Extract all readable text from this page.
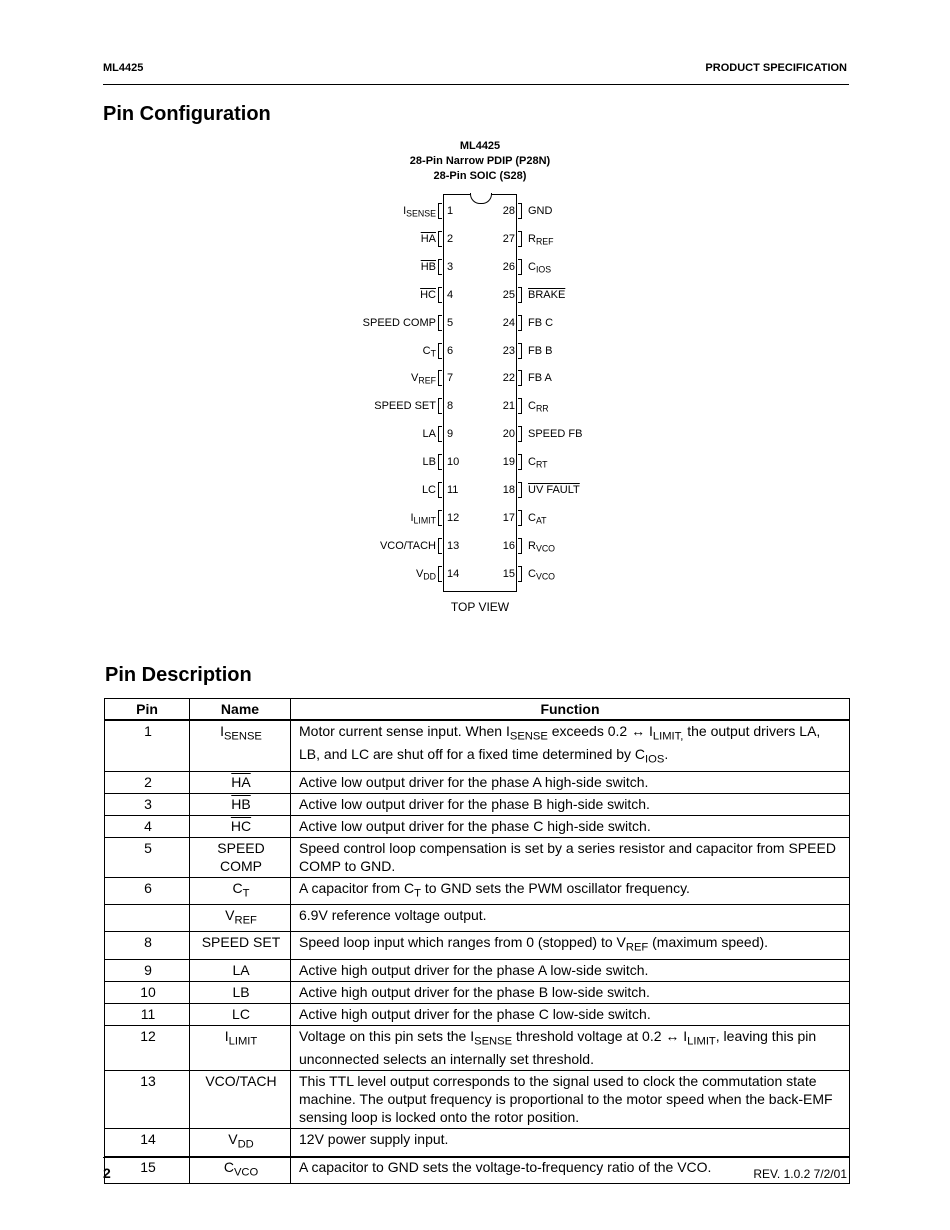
ML4425	PRODUCT SPECIFICATION
Pin Configuration
ML4425
28-Pin Narrow PDIP (P28N)
28-Pin SOIC (S28)
$I_{SENSE}$ 1
$\overline{HA}$ 2
$\overline{HB}$ 3
$\overline{HC}$ 4
SPEED COMP 5
$C_T$ 6
$V_{REF}$ 7
SPEED SET 8
LA 9
LB 10
LC 11
$I_{LIMIT}$ 12
VCO/TACH 13
$V_{DD}$ 14
28 GND
27 $R_{REF}$
26 $C_{IOS}$
25 BRAKE
24 FB C
23 FB B
22 FB A
21 $C_{RR}$
20 SPEED FB
19 $C_{RT}$
18 UV FAULT
17 $C_{AT}$
16 $R_{VCO}$
15 $C_{VCO}$
TOP VIEW
Pin Description
Pin	Name	Function
1	$I_{SENSE}$	Motor current sense input. When $I_{SENSE}$ exceeds 0.2 ↔ $I_{LIMIT,}$ the output drivers LA, LB, and LC are shut off for a fixed time determined by $C_{IOS}$.
2	$\overline{HA}$	Active low output driver for the phase A high-side switch.
3	$\overline{HB}$	Active low output driver for the phase B high-side switch.
4	$\overline{HC}$	Active low output driver for the phase C high-side switch.
5	SPEED COMP	Speed control loop compensation is set by a series resistor and capacitor from SPEED COMP to GND.
6	$C_T$	A capacitor from $C_T$ to GND sets the PWM oscillator frequency.
	$V_{REF}$	6.9V reference voltage output.
8	SPEED SET	Speed loop input which ranges from 0 (stopped) to $V_{REF}$ (maximum speed).
9	LA	Active high output driver for the phase A low-side switch.
10	LB	Active high output driver for the phase B low-side switch.
11	LC	Active high output driver for the phase C low-side switch.
12	$I_{LIMIT}$	Voltage on this pin sets the $I_{SENSE}$ threshold voltage at 0.2 ↔ $I_{LIMIT}$, leaving this pin unconnected selects an internally set threshold.
13	VCO/TACH	This TTL level output corresponds to the signal used to clock the commutation state machine. The output frequency is proportional to the motor speed when the back-EMF sensing loop is locked onto the rotor position.
14	$V_{DD}$	12V power supply input.
15	$C_{VCO}$	A capacitor to GND sets the voltage-to-frequency ratio of the VCO.
2	REV. 1.0.2 7/2/01
